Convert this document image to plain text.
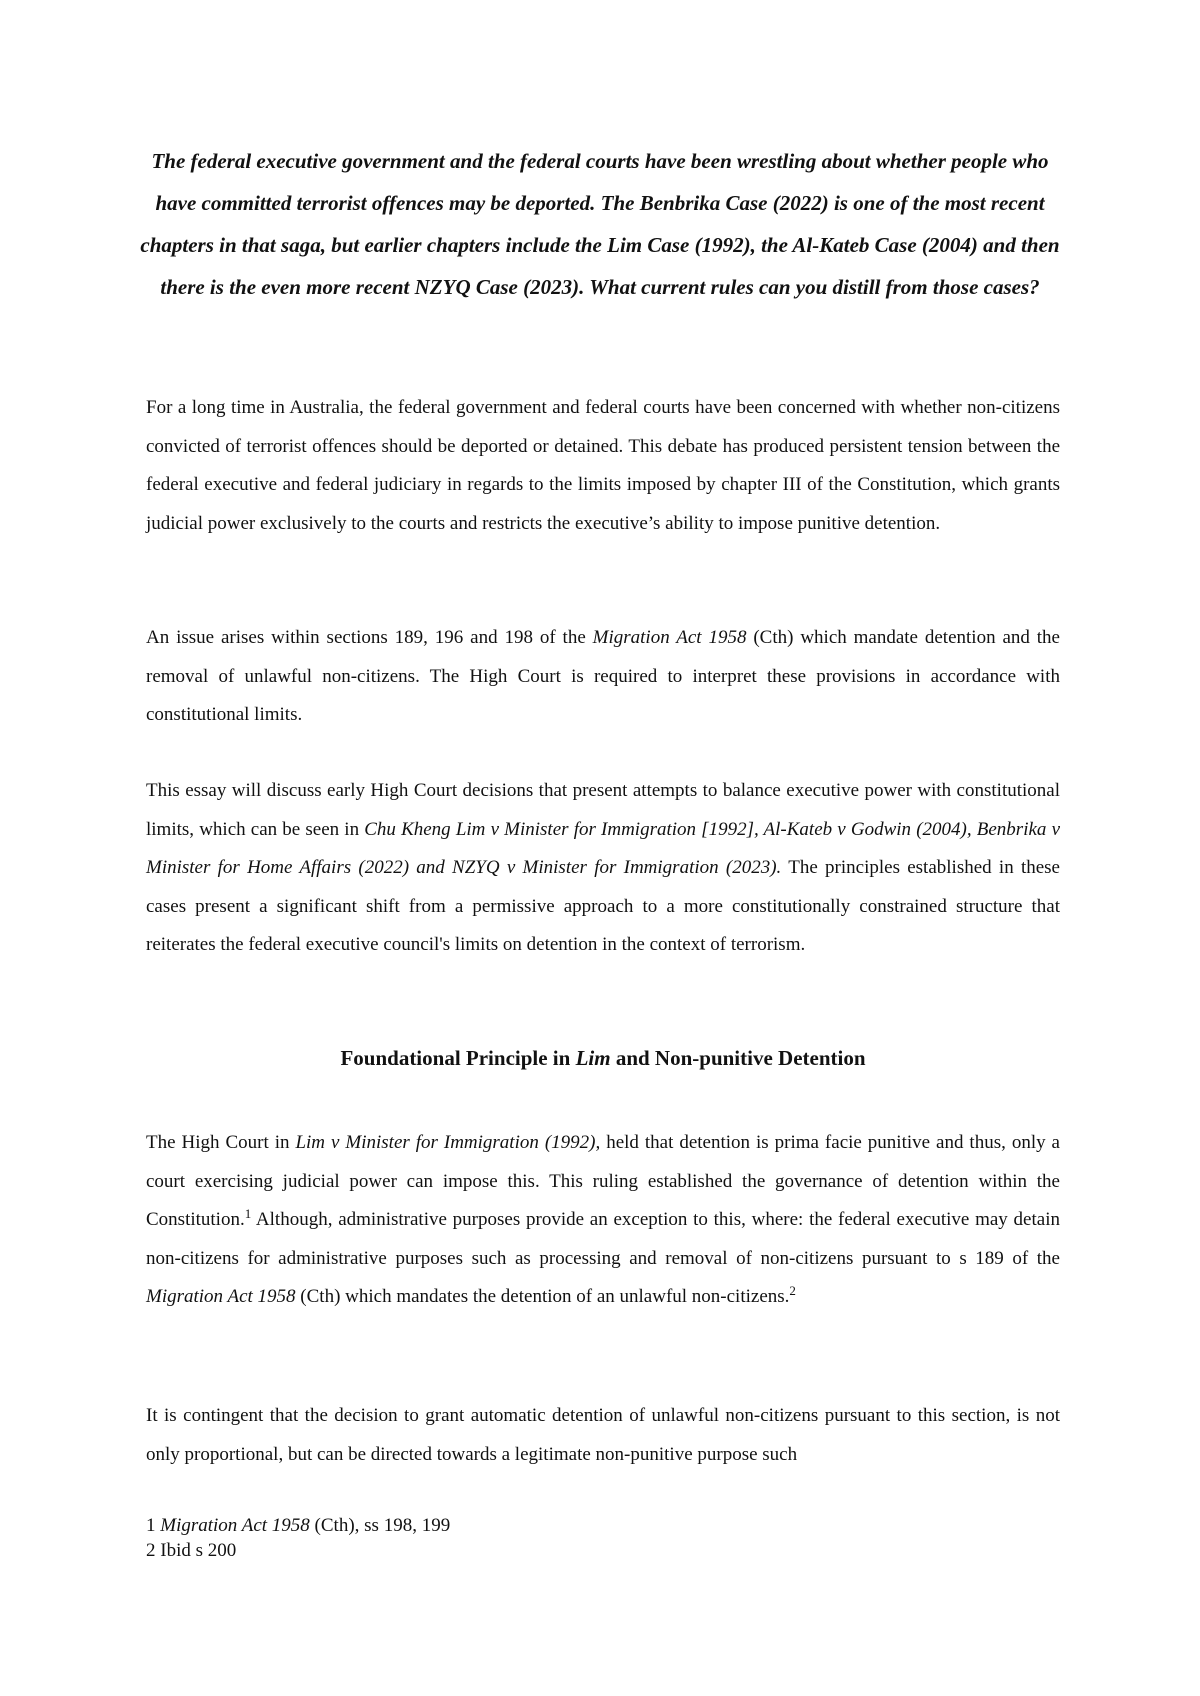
The federal executive government and the federal courts have been wrestling about whether people who have committed terrorist offences may be deported. The Benbrika Case (2022) is one of the most recent chapters in that saga, but earlier chapters include the Lim Case (1992), the Al-Kateb Case (2004) and then there is the even more recent NZYQ Case (2023). What current rules can you distill from those cases?

For a long time in Australia, the federal government and federal courts have been concerned with whether non-citizens convicted of terrorist offences should be deported or detained. This debate has produced persistent tension between the federal executive and federal judiciary in regards to the limits imposed by chapter III of the Constitution, which grants judicial power exclusively to the courts and restricts the executive’s ability to impose punitive detention.

An issue arises within sections 189, 196 and 198 of the Migration Act 1958 (Cth) which mandate detention and the removal of unlawful non-citizens. The High Court is required to interpret these provisions in accordance with constitutional limits.

This essay will discuss early High Court decisions that present attempts to balance executive power with constitutional limits, which can be seen in Chu Kheng Lim v Minister for Immigration [1992], Al-Kateb v Godwin (2004), Benbrika v Minister for Home Affairs (2022) and NZYQ v Minister for Immigration (2023). The principles established in these cases present a significant shift from a permissive approach to a more constitutionally constrained structure that reiterates the federal executive council's limits on detention in the context of terrorism.

Foundational Principle in Lim and Non-punitive Detention

The High Court in Lim v Minister for Immigration (1992), held that detention is prima facie punitive and thus, only a court exercising judicial power can impose this. This ruling established the governance of detention within the Constitution.$^1$ Although, administrative purposes provide an exception to this, where: the federal executive may detain non-citizens for administrative purposes such as processing and removal of non-citizens pursuant to s 189 of the Migration Act 1958 (Cth) which mandates the detention of an unlawful non-citizens.$^2$

It is contingent that the decision to grant automatic detention of unlawful non-citizens pursuant to this section, is not only proportional, but can be directed towards a legitimate non-punitive purpose such

1 Migration Act 1958 (Cth), ss 198, 199
2 Ibid s 200
